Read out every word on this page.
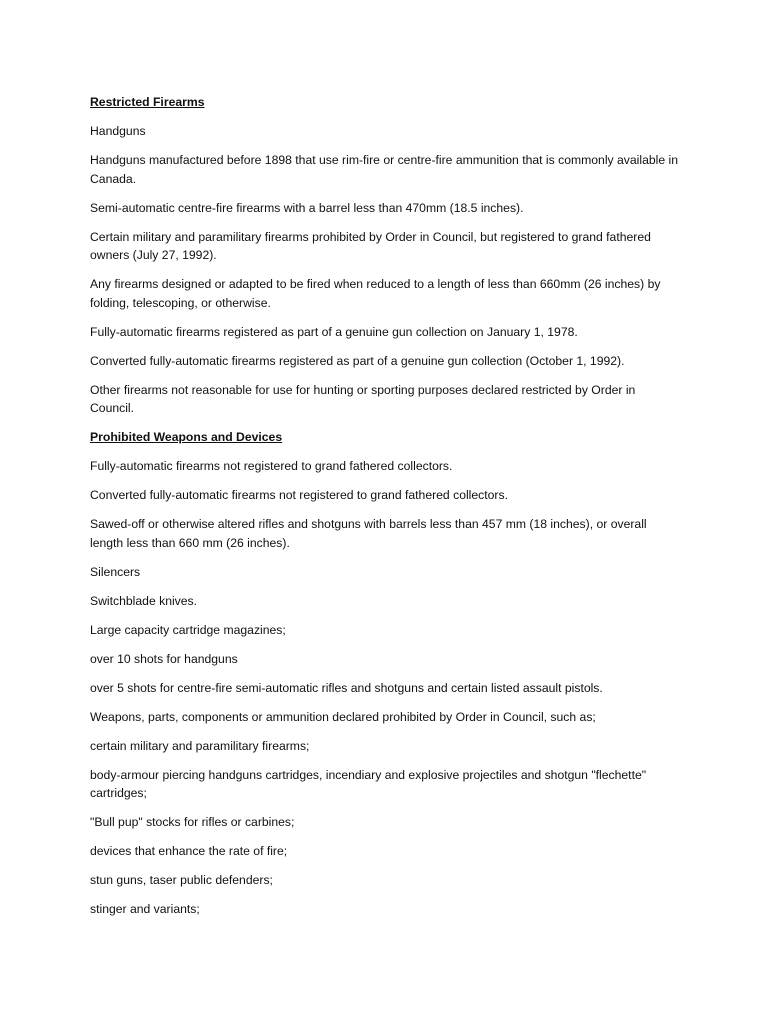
Restricted Firearms
Handguns
Handguns manufactured before 1898 that use rim-fire or centre-fire ammunition that is commonly available in Canada.
Semi-automatic centre-fire firearms with a barrel less than 470mm (18.5 inches).
Certain military and paramilitary firearms prohibited by Order in Council, but registered to grand fathered owners (July 27, 1992).
Any firearms designed or adapted to be fired when reduced to a length of less than 660mm (26 inches) by folding, telescoping, or otherwise.
Fully-automatic firearms registered as part of a genuine gun collection on January 1, 1978.
Converted fully-automatic firearms registered as part of a genuine gun collection (October 1, 1992).
Other firearms not reasonable for use for hunting or sporting purposes declared restricted by Order in Council.
Prohibited Weapons and Devices
Fully-automatic firearms not registered to grand fathered collectors.
Converted fully-automatic firearms not registered to grand fathered collectors.
Sawed-off or otherwise altered rifles and shotguns with barrels less than 457 mm (18 inches), or overall length less than 660 mm (26 inches).
Silencers
Switchblade knives.
Large capacity cartridge magazines;
over 10 shots for handguns
over 5 shots for centre-fire semi-automatic rifles and shotguns and certain listed assault pistols.
Weapons, parts, components or ammunition declared prohibited by Order in Council, such as;
certain military and paramilitary firearms;
body-armour piercing handguns cartridges, incendiary and explosive projectiles and shotgun "flechette" cartridges;
"Bull pup" stocks for rifles or carbines;
devices that enhance the rate of fire;
stun guns, taser public defenders;
stinger and variants;
